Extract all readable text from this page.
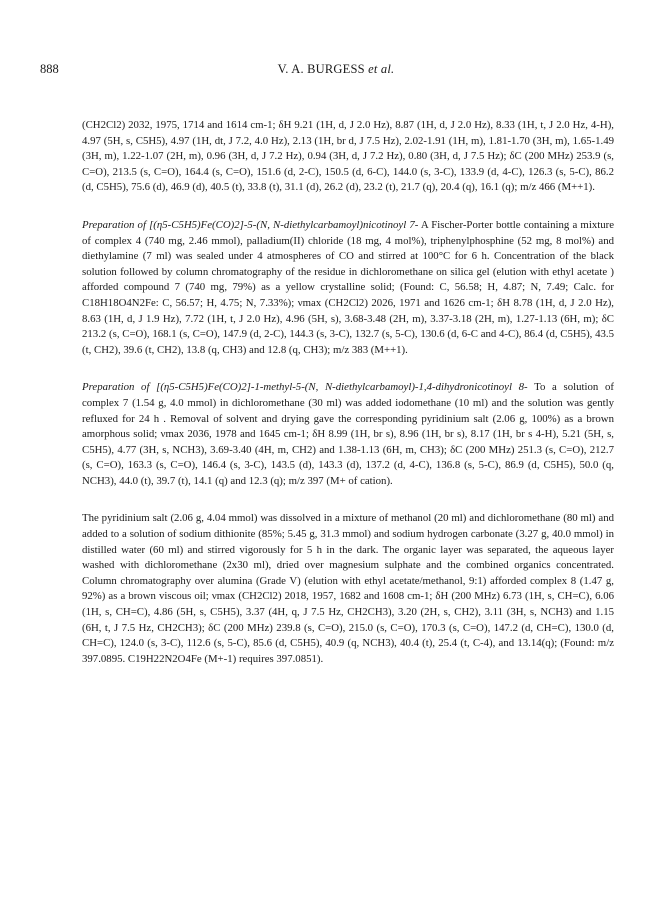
888	V. A. BURGESS et al.

(CH2Cl2) 2032, 1975, 1714 and 1614 cm-1; δH 9.21 (1H, d, J 2.0 Hz), 8.87 (1H, d, J 2.0 Hz), 8.33 (1H, t, J 2.0 Hz, 4-H), 4.97 (5H, s, C5H5), 4.97 (1H, dt, J 7.2, 4.0 Hz), 2.13 (1H, br d, J 7.5 Hz), 2.02-1.91 (1H, m), 1.81-1.70 (3H, m), 1.65-1.49 (3H, m), 1.22-1.07 (2H, m), 0.96 (3H, d, J 7.2 Hz), 0.94 (3H, d, J 7.2 Hz), 0.80 (3H, d, J 7.5 Hz); δC (200 MHz) 253.9 (s, C=O), 213.5 (s, C=O), 164.4 (s, C=O), 151.6 (d, 2-C), 150.5 (d, 6-C), 144.0 (s, 3-C), 133.9 (d, 4-C), 126.3 (s, 5-C), 86.2 (d, C5H5), 75.6 (d), 46.9 (d), 40.5 (t), 33.8 (t), 31.1 (d), 26.2 (d), 23.2 (t), 21.7 (q), 20.4 (q), 16.1 (q); m/z 466 (M++1).

Preparation of [(η5-C5H5)Fe(CO)2]-5-(N, N-diethylcarbamoyl)nicotinoyl 7- A Fischer-Porter bottle containing a mixture of complex 4 (740 mg, 2.46 mmol), palladium(II) chloride (18 mg, 4 mol%), triphenylphosphine (52 mg, 8 mol%) and diethylamine (7 ml) was sealed under 4 atmospheres of CO and stirred at 100°C for 6 h. Concentration of the black solution followed by column chromatography of the residue in dichloromethane on silica gel (elution with ethyl acetate ) afforded compound 7 (740 mg, 79%) as a yellow crystalline solid; (Found: C, 56.58; H, 4.87; N, 7.49; Calc. for C18H18O4N2Fe: C, 56.57; H, 4.75; N, 7.33%); νmax (CH2Cl2) 2026, 1971 and 1626 cm-1; δH 8.78 (1H, d, J 2.0 Hz), 8.63 (1H, d, J 1.9 Hz), 7.72 (1H, t, J 2.0 Hz), 4.96 (5H, s), 3.68-3.48 (2H, m), 3.37-3.18 (2H, m), 1.27-1.13 (6H, m); δC 213.2 (s, C=O), 168.1 (s, C=O), 147.9 (d, 2-C), 144.3 (s, 3-C), 132.7 (s, 5-C), 130.6 (d, 6-C and 4-C), 86.4 (d, C5H5), 43.5 (t, CH2), 39.6 (t, CH2), 13.8 (q, CH3) and 12.8 (q, CH3); m/z 383 (M++1).

Preparation of [(η5-C5H5)Fe(CO)2]-1-methyl-5-(N, N-diethylcarbamoyl)-1,4-dihydronicotinoyl 8- To a solution of complex 7 (1.54 g, 4.0 mmol) in dichloromethane (30 ml) was added iodomethane (10 ml) and the solution was gently refluxed for 24 h . Removal of solvent and drying gave the corresponding pyridinium salt (2.06 g, 100%) as a brown amorphous solid; νmax 2036, 1978 and 1645 cm-1; δH 8.99 (1H, br s), 8.96 (1H, br s), 8.17 (1H, br s 4-H), 5.21 (5H, s, C5H5), 4.77 (3H, s, NCH3), 3.69-3.40 (4H, m, CH2) and 1.38-1.13 (6H, m, CH3); δC (200 MHz) 251.3 (s, C=O), 212.7 (s, C=O), 163.3 (s, C=O), 146.4 (s, 3-C), 143.5 (d), 143.3 (d), 137.2 (d, 4-C), 136.8 (s, 5-C), 86.9 (d, C5H5), 50.0 (q, NCH3), 44.0 (t), 39.7 (t), 14.1 (q) and 12.3 (q); m/z 397 (M+ of cation).

The pyridinium salt (2.06 g, 4.04 mmol) was dissolved in a mixture of methanol (20 ml) and dichloromethane (80 ml) and added to a solution of sodium dithionite (85%; 5.45 g, 31.3 mmol) and sodium hydrogen carbonate (3.27 g, 40.0 mmol) in distilled water (60 ml) and stirred vigorously for 5 h in the dark. The organic layer was separated, the aqueous layer washed with dichloromethane (2x30 ml), dried over magnesium sulphate and the combined organics concentrated. Column chromatography over alumina (Grade V) (elution with ethyl acetate/methanol, 9:1) afforded complex 8 (1.47 g, 92%) as a brown viscous oil; νmax (CH2Cl2) 2018, 1957, 1682 and 1608 cm-1; δH (200 MHz) 6.73 (1H, s, CH=C), 6.06 (1H, s, CH=C), 4.86 (5H, s, C5H5), 3.37 (4H, q, J 7.5 Hz, CH2CH3), 3.20 (2H, s, CH2), 3.11 (3H, s, NCH3) and 1.15 (6H, t, J 7.5 Hz, CH2CH3); δC (200 MHz) 239.8 (s, C=O), 215.0 (s, C=O), 170.3 (s, C=O), 147.2 (d, CH=C), 130.0 (d, CH=C), 124.0 (s, 3-C), 112.6 (s, 5-C), 85.6 (d, C5H5), 40.9 (q, NCH3), 40.4 (t), 25.4 (t, C-4), and 13.14(q); (Found: m/z 397.0895. C19H22N2O4Fe (M+-1) requires 397.0851).
